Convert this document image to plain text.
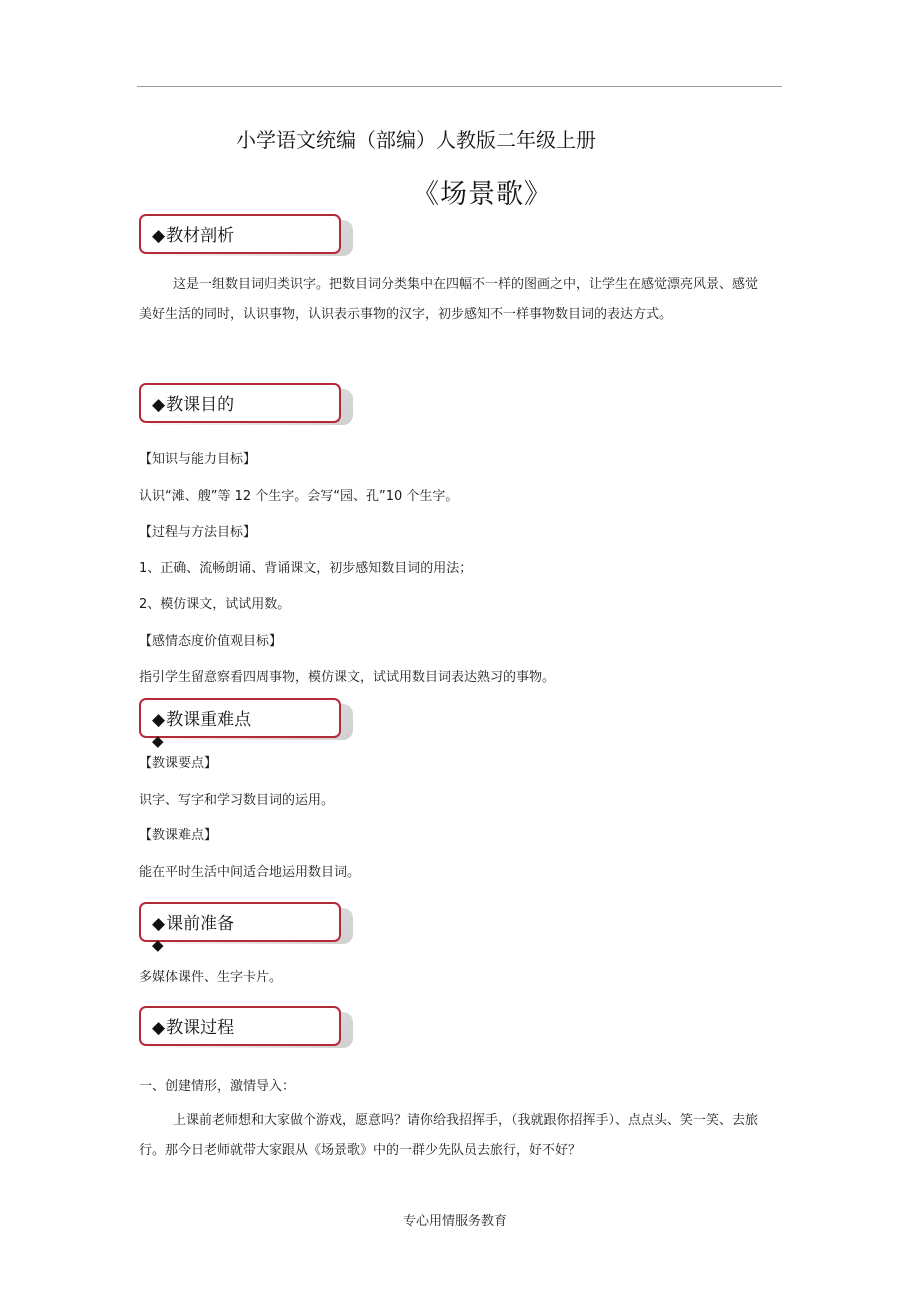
小学语文统编（部编）人教版二年级上册
《场景歌》
◆教材剖析
这是一组数目词归类识字。把数目词分类集中在四幅不一样的图画之中，让学生在感觉漂亮风景、感觉美好生活的同时，认识事物，认识表示事物的汉字，初步感知不一样事物数目词的表达方式。
◆教课目的
【知识与能力目标】
认识“滩、艘”等 12 个生字。会写“园、孔”10 个生字。
【过程与方法目标】
1、正确、流畅朗诵、背诵课文，初步感知数目词的用法；
2、模仿课文，试试用数。
【感情态度价值观目标】
指引学生留意察看四周事物，模仿课文，试试用数目词表达熟习的事物。
◆教课重难点
◆
【教课要点】
识字、写字和学习数目词的运用。
【教课难点】
能在平时生活中间适合地运用数目词。
◆课前准备
◆
多媒体课件、生字卡片。
◆教课过程
一、创建情形，激情导入：
上课前老师想和大家做个游戏，愿意吗？请你给我招挥手，（我就跟你招挥手）、点点头、笑一笑、去旅行。那今日老师就带大家跟从《场景歌》中的一群少先队员去旅行，好不好？
专心用情服务教育
